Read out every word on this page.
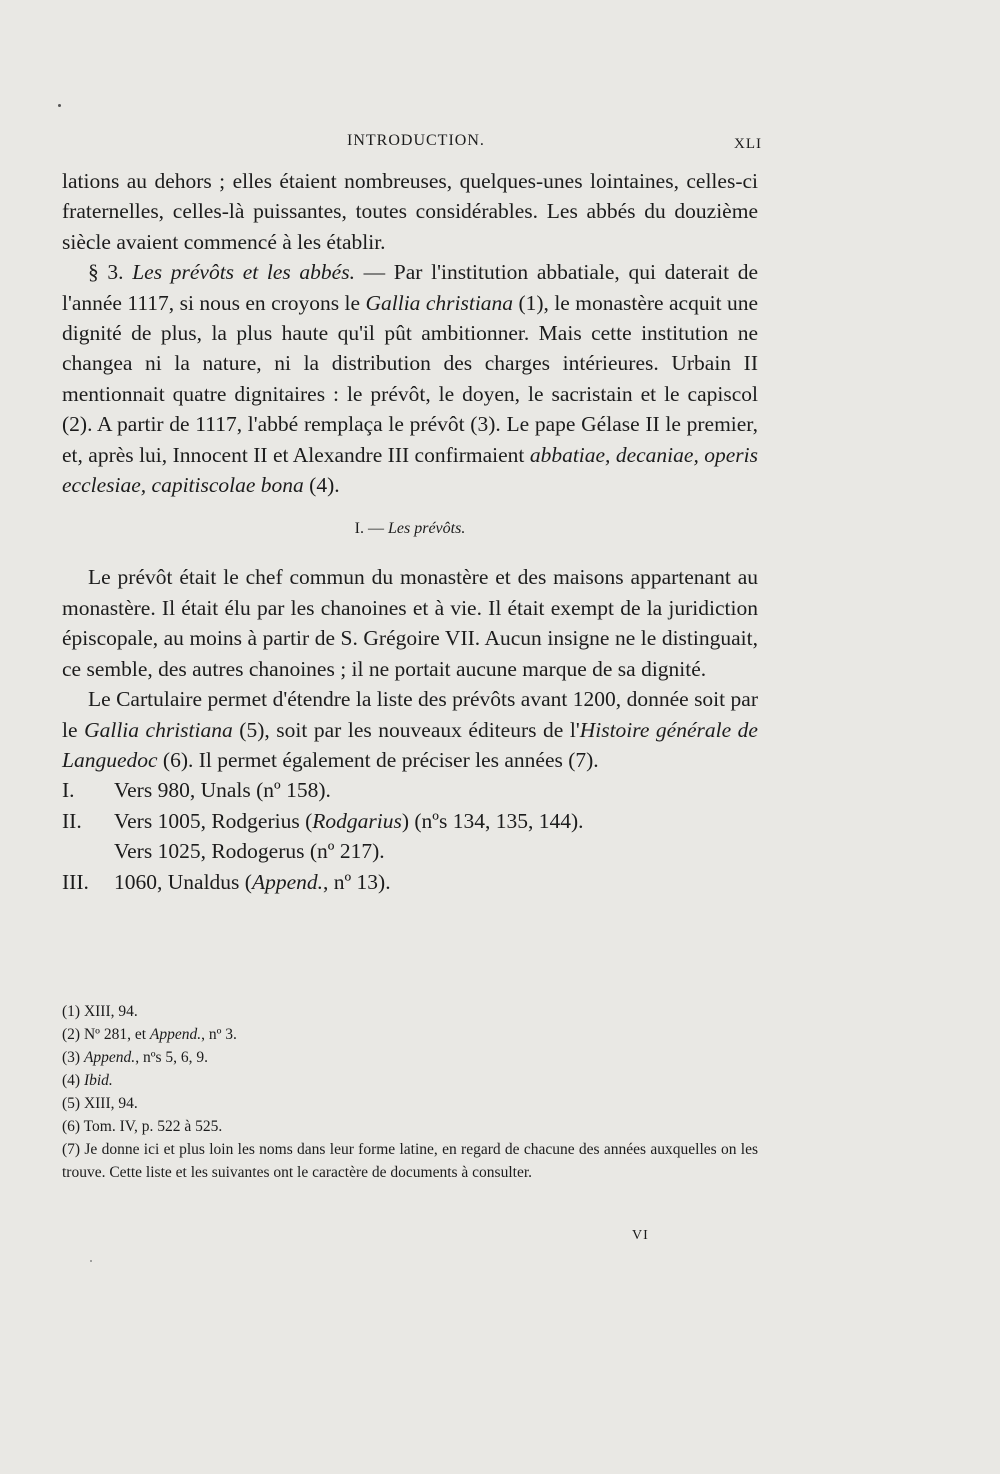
INTRODUCTION.	XLI

lations au dehors ; elles étaient nombreuses, quelques-unes lointaines, celles-ci fraternelles, celles-là puissantes, toutes considérables. Les abbés du douzième siècle avaient commencé à les établir.

§ 3. Les prévôts et les abbés. — Par l'institution abbatiale, qui daterait de l'année 1117, si nous en croyons le Gallia christiana (1), le monastère acquit une dignité de plus, la plus haute qu'il pût ambitionner. Mais cette institution ne changea ni la nature, ni la distribution des charges intérieures. Urbain II mentionnait quatre dignitaires : le prévôt, le doyen, le sacristain et le capiscol (2). A partir de 1117, l'abbé remplaça le prévôt (3). Le pape Gélase II le premier, et, après lui, Innocent II et Alexandre III confirmaient abbatiae, decaniae, operis ecclesiae, capitiscolae bona (4).

I. — Les prévôts.

Le prévôt était le chef commun du monastère et des maisons appartenant au monastère. Il était élu par les chanoines et à vie. Il était exempt de la juridiction épiscopale, au moins à partir de S. Grégoire VII. Aucun insigne ne le distinguait, ce semble, des autres chanoines ; il ne portait aucune marque de sa dignité.

Le Cartulaire permet d'étendre la liste des prévôts avant 1200, donnée soit par le Gallia christiana (5), soit par les nouveaux éditeurs de l'Histoire générale de Languedoc (6). Il permet également de préciser les années (7).

I. Vers 980, Unals (nº 158).
II. Vers 1005, Rodgerius (Rodgarius) (nºs 134, 135, 144).
Vers 1025, Rodogerus (nº 217).
III. 1060, Unaldus (Append., nº 13).
(1) XIII, 94.
(2) Nº 281, et Append., nº 3.
(3) Append., nºs 5, 6, 9.
(4) Ibid.
(5) XIII, 94.
(6) Tom. IV, p. 522 à 525.
(7) Je donne ici et plus loin les noms dans leur forme latine, en regard de chacune des années auxquelles on les trouve. Cette liste et les suivantes ont le caractère de documents à consulter.
VI
